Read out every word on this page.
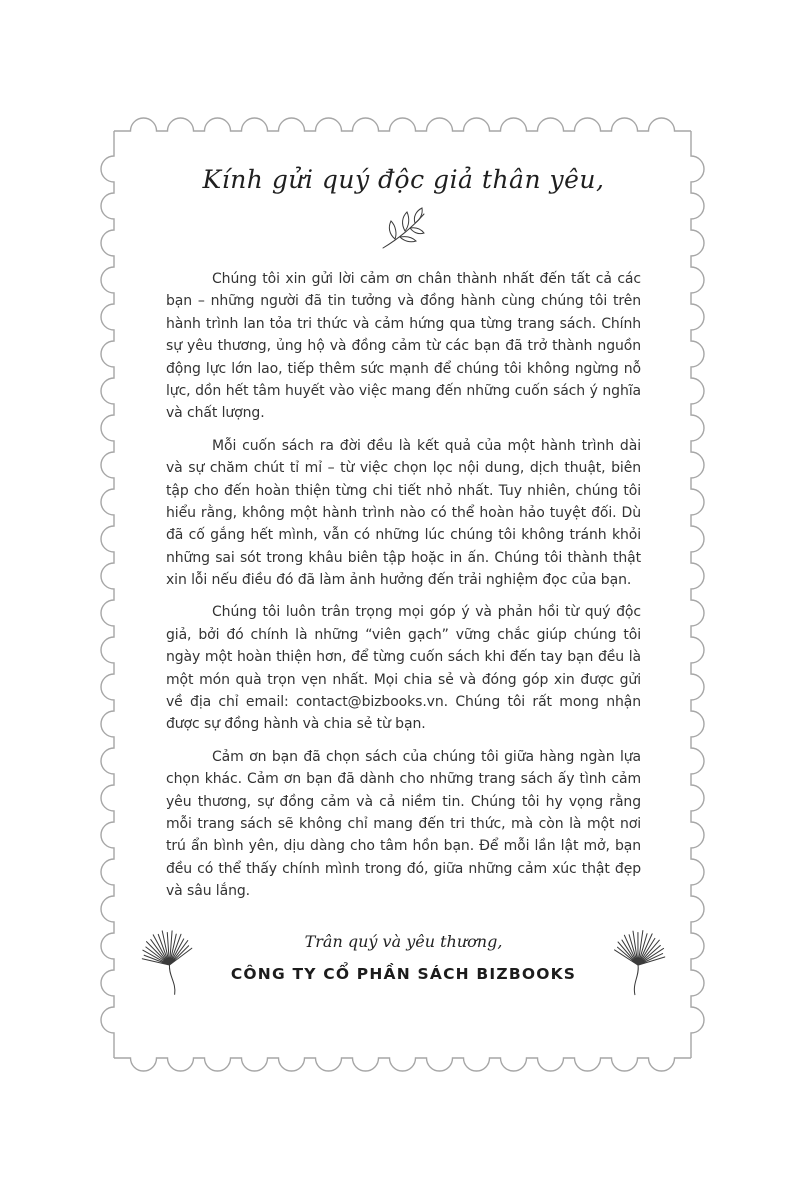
Kính gửi quý độc giả thân yêu,

Chúng tôi xin gửi lời cảm ơn chân thành nhất đến tất cả các bạn – những người đã tin tưởng và đồng hành cùng chúng tôi trên hành trình lan tỏa tri thức và cảm hứng qua từng trang sách. Chính sự yêu thương, ủng hộ và đồng cảm từ các bạn đã trở thành nguồn động lực lớn lao, tiếp thêm sức mạnh để chúng tôi không ngừng nỗ lực, dồn hết tâm huyết vào việc mang đến những cuốn sách ý nghĩa và chất lượng.

Mỗi cuốn sách ra đời đều là kết quả của một hành trình dài và sự chăm chút tỉ mỉ – từ việc chọn lọc nội dung, dịch thuật, biên tập cho đến hoàn thiện từng chi tiết nhỏ nhất. Tuy nhiên, chúng tôi hiểu rằng, không một hành trình nào có thể hoàn hảo tuyệt đối. Dù đã cố gắng hết mình, vẫn có những lúc chúng tôi không tránh khỏi những sai sót trong khâu biên tập hoặc in ấn. Chúng tôi thành thật xin lỗi nếu điều đó đã làm ảnh hưởng đến trải nghiệm đọc của bạn.

Chúng tôi luôn trân trọng mọi góp ý và phản hồi từ quý độc giả, bởi đó chính là những “viên gạch” vững chắc giúp chúng tôi ngày một hoàn thiện hơn, để từng cuốn sách khi đến tay bạn đều là một món quà trọn vẹn nhất. Mọi chia sẻ và đóng góp xin được gửi về địa chỉ email: contact@bizbooks.vn. Chúng tôi rất mong nhận được sự đồng hành và chia sẻ từ bạn.

Cảm ơn bạn đã chọn sách của chúng tôi giữa hàng ngàn lựa chọn khác. Cảm ơn bạn đã dành cho những trang sách ấy tình cảm yêu thương, sự đồng cảm và cả niềm tin. Chúng tôi hy vọng rằng mỗi trang sách sẽ không chỉ mang đến tri thức, mà còn là một nơi trú ẩn bình yên, dịu dàng cho tâm hồn bạn. Để mỗi lần lật mở, bạn đều có thể thấy chính mình trong đó, giữa những cảm xúc thật đẹp và sâu lắng.

Trân quý và yêu thương,
CÔNG TY CỔ PHẦN SÁCH BIZBOOKS
